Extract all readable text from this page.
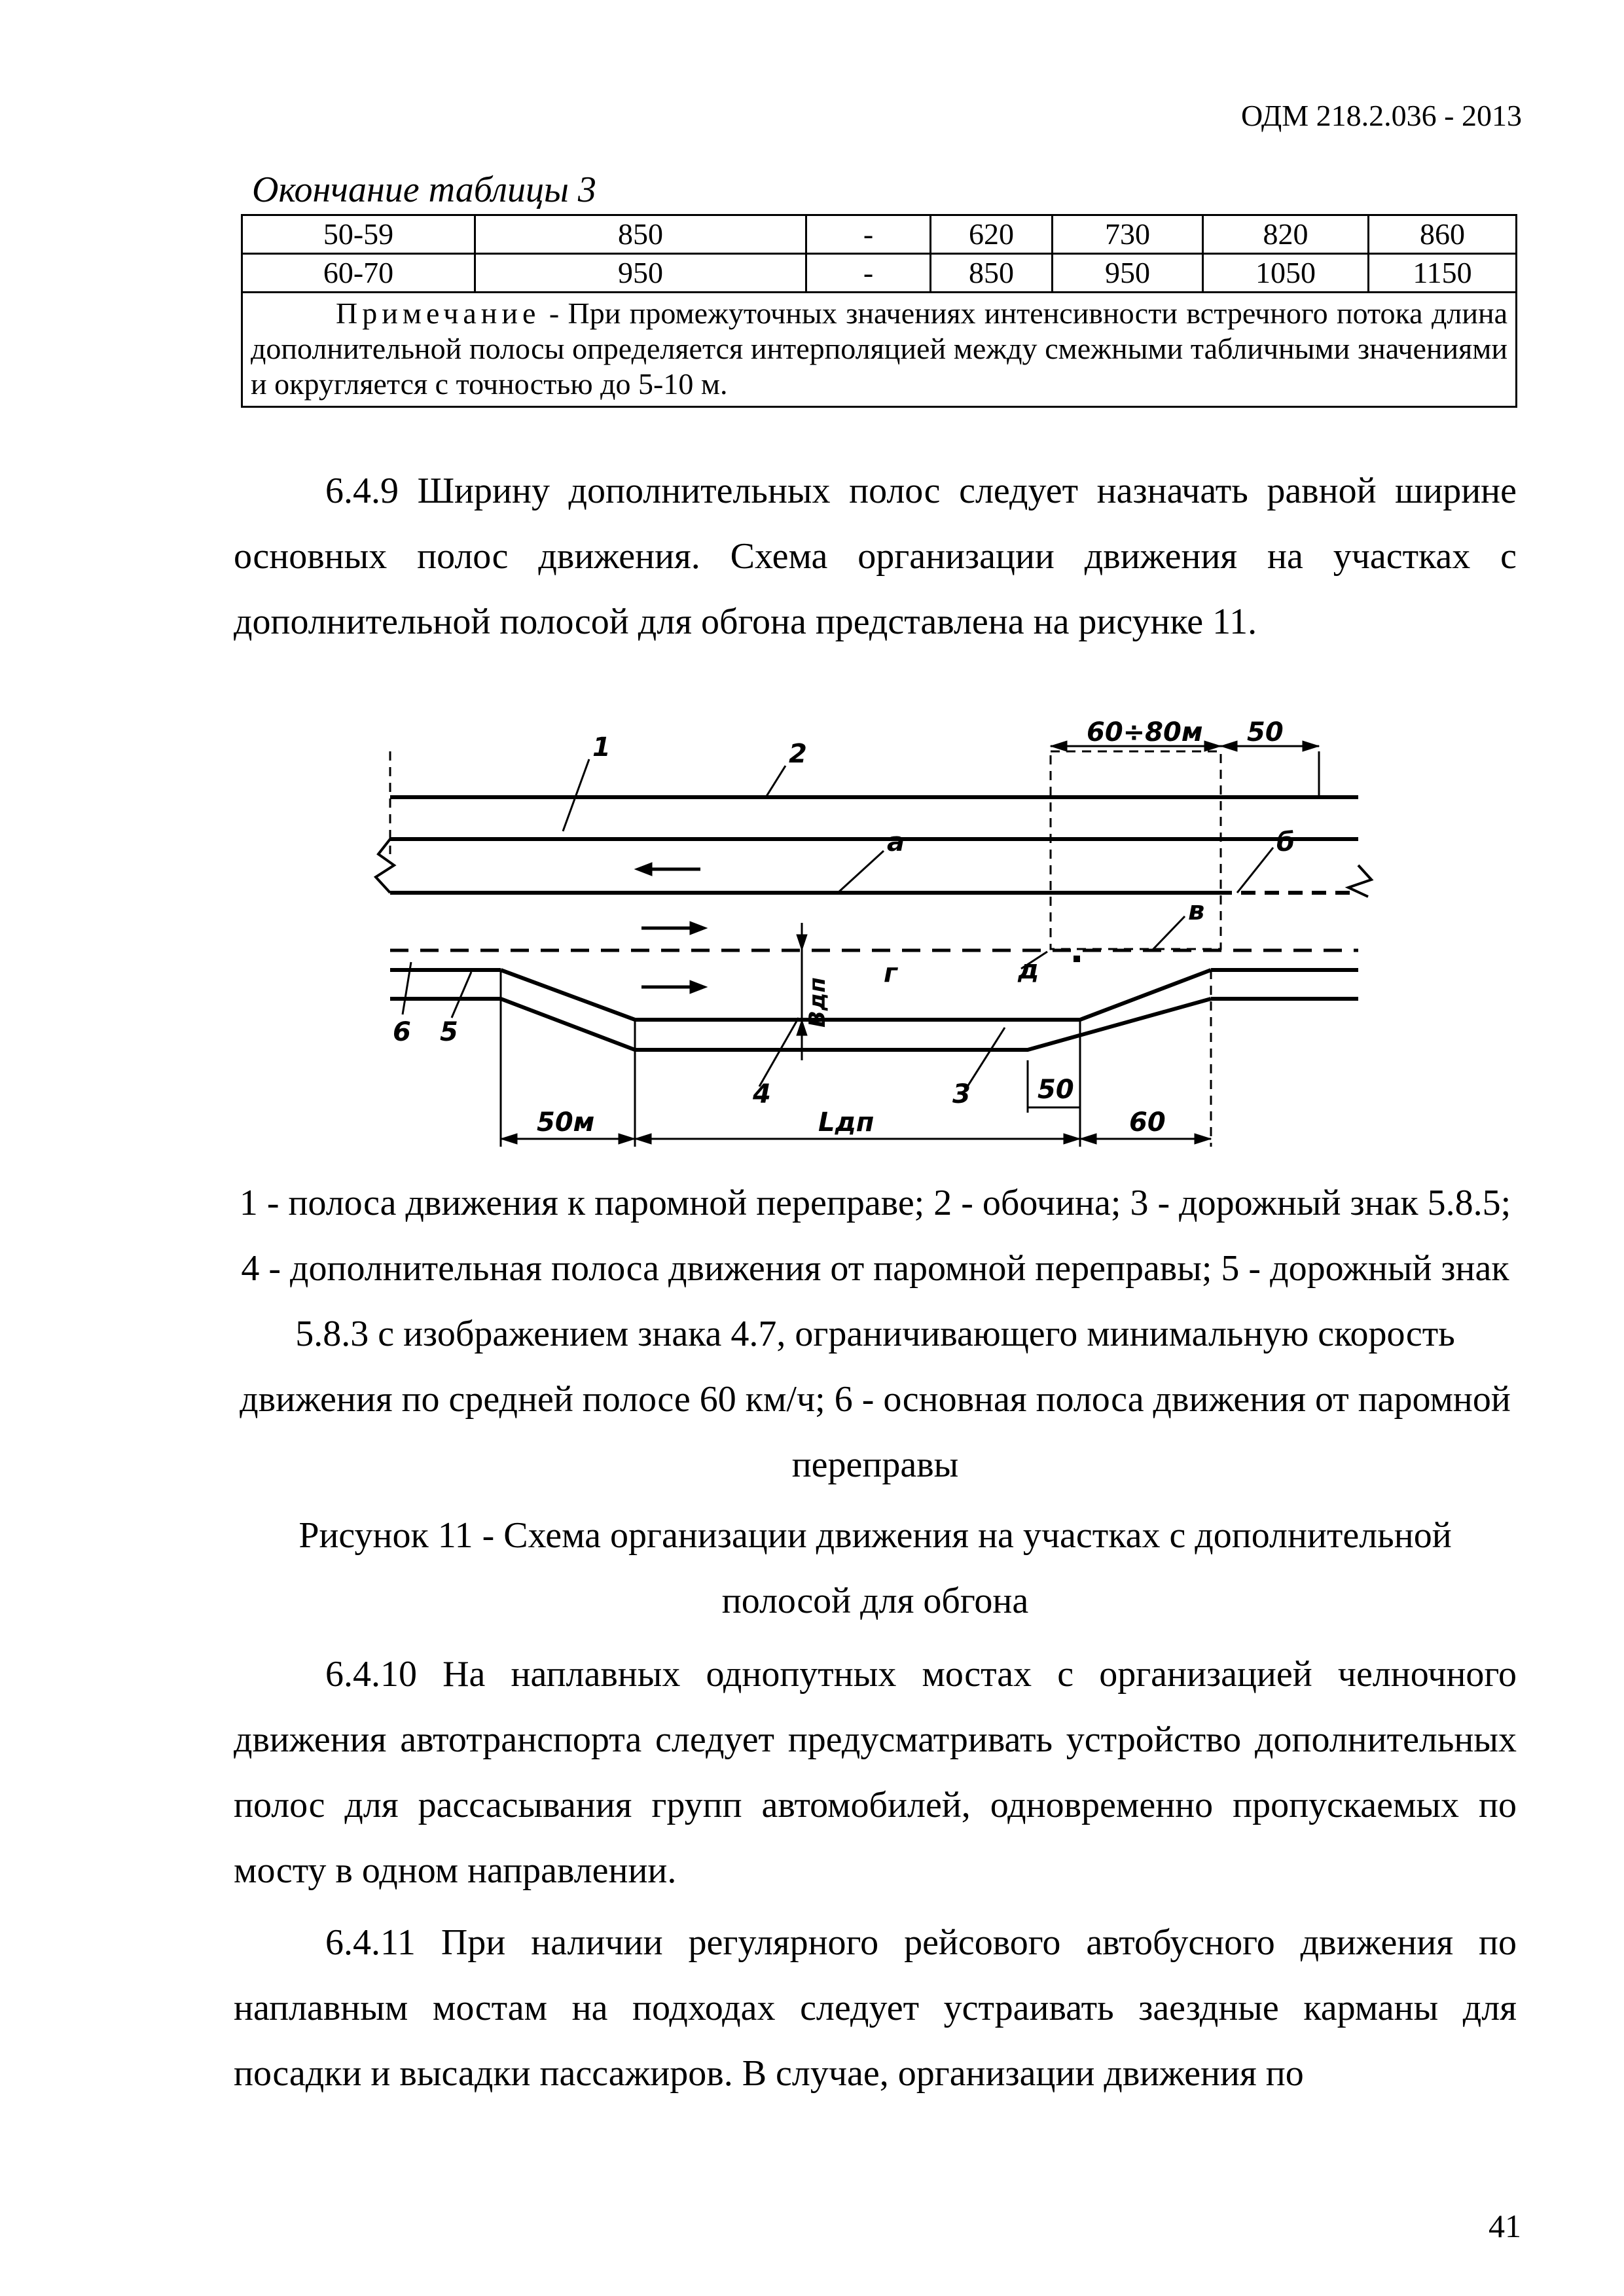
ОДМ 218.2.036 - 2013
Окончание таблицы 3
50-59	850	-	620	730	820	860
60-70	950	-	850	950	1050	1150
Примечание - При промежуточных значениях интенсивности встречного потока длина дополнительной полосы определяется интерполяцией между смежными табличными значениями и округляется с точностью до 5-10 м.						

6.4.9 Ширину дополнительных полос следует назначать равной ширине основных полос движения. Схема организации движения на участках с дополнительной полосой для обгона представлена на рисунке 11.

1	2
а	б
в
г	д
4	3
6 5
60÷80м 50
50м	Lдп
50
60
Bдп

1 - полоса движения к паромной переправе; 2 - обочина; 3 - дорожный знак 5.8.5; 4 - дополнительная полоса движения от паромной переправы; 5 - дорожный знак 5.8.3 с изображением знака 4.7, ограничивающего минимальную скорость движения по средней полосе 60 км/ч; 6 - основная полоса движения от паромной переправы

Рисунок 11 - Схема организации движения на участках с дополнительной полосой для обгона

6.4.10 На наплавных однопутных мостах с организацией челночного движения автотранспорта следует предусматривать устройство дополнительных полос для рассасывания групп автомобилей, одновременно пропускаемых по мосту в одном направлении.

6.4.11 При наличии регулярного рейсового автобусного движения по наплавным мостам на подходах следует устраивать заездные карманы для посадки и высадки пассажиров. В случае, организации движения по

41
